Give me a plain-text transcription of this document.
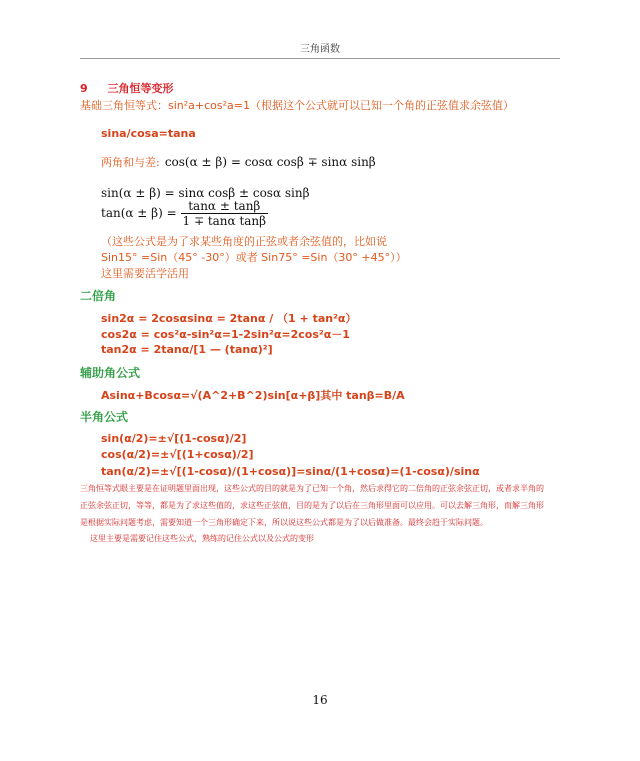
三角函数
9 三角恒等变形
基础三角恒等式：sin²a+cos²a=1（根据这个公式就可以已知一个角的正弦值求余弦值）
sina/cosa=tana
两角和与差: cos(α ± β) = cosα cosβ ∓ sinα sinβ
sin(α ± β) = sinα cosβ ± cosα sinβ
$\tan(\alpha \pm \beta) = \frac{\tan\alpha \pm \tan\beta}{\text{1 ∓ tanα tanβ}}$
（这些公式是为了求某些角度的正弦或者余弦值的，比如说
Sin15° =Sin（45° -30°）或者 Sin75° =Sin（30° +45°））
这里需要活学活用
二倍角
sin2α = 2cosαsinα = 2tanα / （1 + tan²α）
cos2α = cos²α-sin²α=1-2sin²α=2cos²α－1
tan2α = 2tanα/[1 — (tanα)²]
辅助角公式
Asinα+Bcosα=√(A^2+B^2)sin[α+β]其中 tanβ=B/A
半角公式
sin(α/2)=±√[(1-cosα)/2]
cos(α/2)=±√[(1+cosα)/2]
tan(α/2)=±√[(1-cosα)/(1+cosα)]=sinα/(1+cosα)=(1-cosα)/sinα
三角恒等式眼主要是在证明题里面出现，这些公式的目的就是为了已知一个角，然后求得它的二倍角的正弦余弦正切，或者求半角的
正弦余弦正切，等等，都是为了求这些值的，求这些正弦值，目的是为了以后在三角形里面可以应用。可以去解三角形，而解三角形
是根据实际问题考虑，需要知道一个三角形确定下来，所以说这些公式都是为了以后做准备。最终会趋于实际问题。
这里主要是需要记住这些公式，熟练的记住公式以及公式的变形
16
